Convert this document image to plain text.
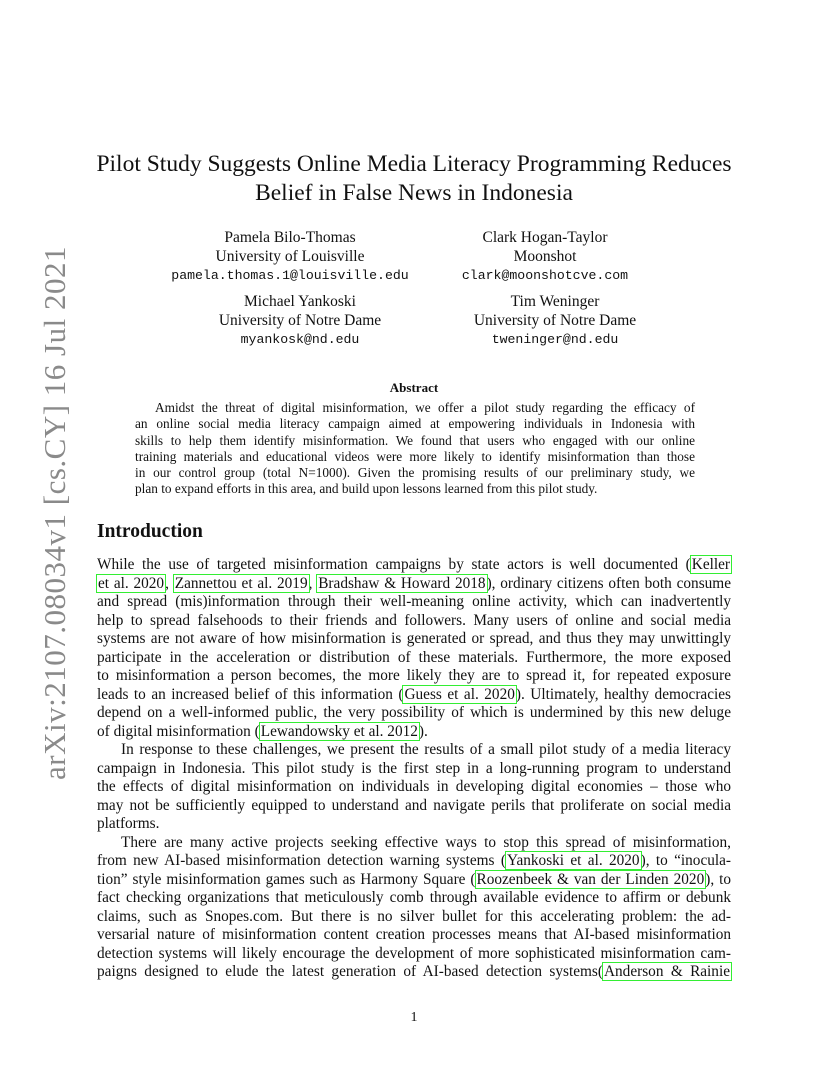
arXiv:2107.08034v1 [cs.CY] 16 Jul 2021
Pilot Study Suggests Online Media Literacy Programming Reduces
Belief in False News in Indonesia
Pamela Bilo-Thomas
University of Louisville
pamela.thomas.1@louisville.edu
Clark Hogan-Taylor
Moonshot
clark@moonshotcve.com
Michael Yankoski
University of Notre Dame
myankosk@nd.edu
Tim Weninger
University of Notre Dame
tweninger@nd.edu
Abstract
Amidst the threat of digital misinformation, we offer a pilot study regarding the efficacy of
an online social media literacy campaign aimed at empowering individuals in Indonesia with
skills to help them identify misinformation. We found that users who engaged with our online
training materials and educational videos were more likely to identify misinformation than those
in our control group (total N=1000). Given the promising results of our preliminary study, we
plan to expand efforts in this area, and build upon lessons learned from this pilot study.
Introduction
While the use of targeted misinformation campaigns by state actors is well documented (Keller
et al. 2020, Zannettou et al. 2019, Bradshaw & Howard 2018), ordinary citizens often both consume
and spread (mis)information through their well-meaning online activity, which can inadvertently
help to spread falsehoods to their friends and followers. Many users of online and social media
systems are not aware of how misinformation is generated or spread, and thus they may unwittingly
participate in the acceleration or distribution of these materials. Furthermore, the more exposed
to misinformation a person becomes, the more likely they are to spread it, for repeated exposure
leads to an increased belief of this information (Guess et al. 2020). Ultimately, healthy democracies
depend on a well-informed public, the very possibility of which is undermined by this new deluge
of digital misinformation (Lewandowsky et al. 2012).
In response to these challenges, we present the results of a small pilot study of a media literacy
campaign in Indonesia. This pilot study is the first step in a long-running program to understand
the effects of digital misinformation on individuals in developing digital economies – those who
may not be sufficiently equipped to understand and navigate perils that proliferate on social media
platforms.
There are many active projects seeking effective ways to stop this spread of misinformation,
from new AI-based misinformation detection warning systems (Yankoski et al. 2020), to “inocula-
tion” style misinformation games such as Harmony Square (Roozenbeek & van der Linden 2020), to
fact checking organizations that meticulously comb through available evidence to affirm or debunk
claims, such as Snopes.com. But there is no silver bullet for this accelerating problem: the ad-
versarial nature of misinformation content creation processes means that AI-based misinformation
detection systems will likely encourage the development of more sophisticated misinformation cam-
paigns designed to elude the latest generation of AI-based detection systems(Anderson & Rainie
1
